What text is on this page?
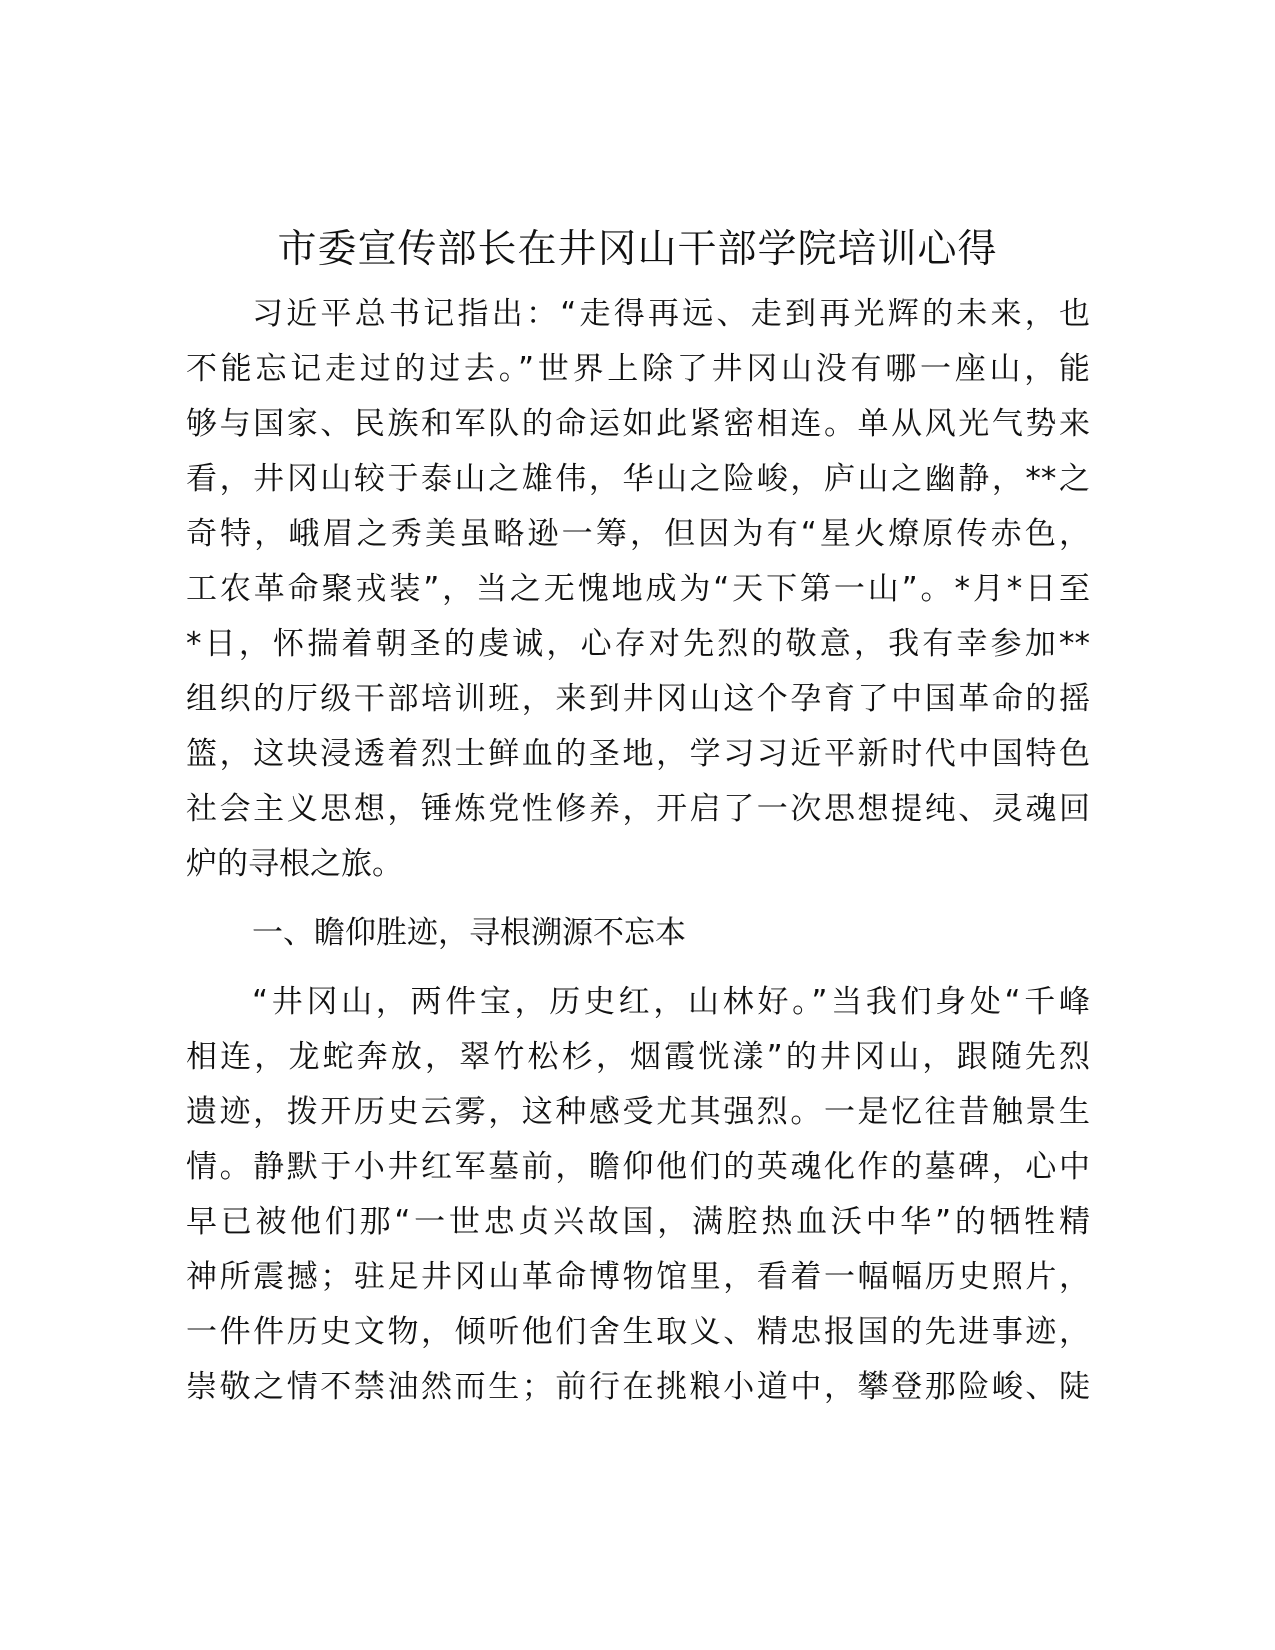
市委宣传部长在井冈山干部学院培训心得

习近平总书记指出：“走得再远、走到再光辉的未来，也

不能忘记走过的过去。”世界上除了井冈山没有哪一座山，能

够与国家、民族和军队的命运如此紧密相连。单从风光气势来

看，井冈山较于泰山之雄伟，华山之险峻，庐山之幽静，**之

奇特，峨眉之秀美虽略逊一筹，但因为有“星火燎原传赤色，

工农革命聚戎装”，当之无愧地成为“天下第一山”。*月*日至

*日，怀揣着朝圣的虔诚，心存对先烈的敬意，我有幸参加**

组织的厅级干部培训班，来到井冈山这个孕育了中国革命的摇

篮，这块浸透着烈士鲜血的圣地，学习习近平新时代中国特色

社会主义思想，锤炼党性修养，开启了一次思想提纯、灵魂回

炉的寻根之旅。

一、瞻仰胜迹，寻根溯源不忘本

“井冈山，两件宝，历史红，山林好。”当我们身处“千峰

相连，龙蛇奔放，翠竹松杉，烟霞恍漾”的井冈山，跟随先烈

遗迹，拨开历史云雾，这种感受尤其强烈。一是忆往昔触景生

情。静默于小井红军墓前，瞻仰他们的英魂化作的墓碑，心中

早已被他们那“一世忠贞兴故国，满腔热血沃中华”的牺牲精

神所震撼；驻足井冈山革命博物馆里，看着一幅幅历史照片，

一件件历史文物，倾听他们舍生取义、精忠报国的先进事迹，

崇敬之情不禁油然而生；前行在挑粮小道中，攀登那险峻、陡
